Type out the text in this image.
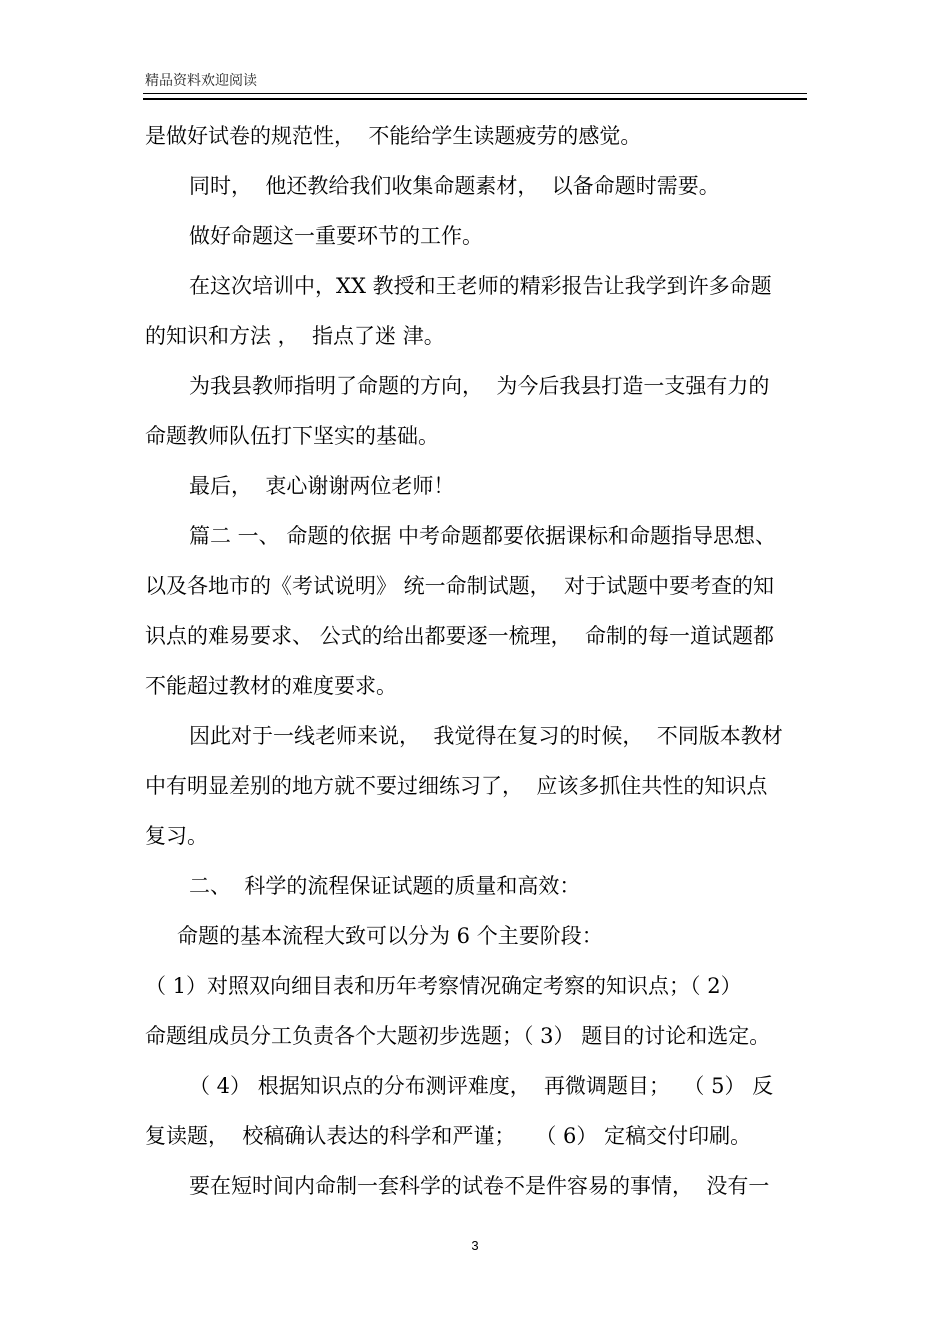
精品资料欢迎阅读
是做好试卷的规范性，  不能给学生读题疲劳的感觉。
同时，  他还教给我们收集命题素材，  以备命题时需要。
做好命题这一重要环节的工作。
在这次培训中，XX 教授和王老师的精彩报告让我学到许多命题
的知识和方法 ，  指点了迷 津。
为我县教师指明了命题的方向，  为今后我县打造一支强有力的
命题教师队伍打下坚实的基础。
最后，  衷心谢谢两位老师！
篇二 一、 命题的依据 中考命题都要依据课标和命题指导思想、
以及各地市的《考试说明》 统一命制试题，  对于试题中要考查的知
识点的难易要求、 公式的给出都要逐一梳理，  命制的每一道试题都
不能超过教材的难度要求。
因此对于一线老师来说，  我觉得在复习的时候，  不同版本教材
中有明显差别的地方就不要过细练习了，  应该多抓住共性的知识点
复习。
二、  科学的流程保证试题的质量和高效：
命题的基本流程大致可以分为 6 个主要阶段：
（ 1）对照双向细目表和历年考察情况确定考察的知识点；（ 2）
命题组成员分工负责各个大题初步选题；（ 3） 题目的讨论和选定。
（ 4） 根据知识点的分布测评难度，  再微调题目；  （ 5） 反
复读题，  校稿确认表达的科学和严谨；   （ 6） 定稿交付印刷。
要在短时间内命制一套科学的试卷不是件容易的事情，  没有一
3
